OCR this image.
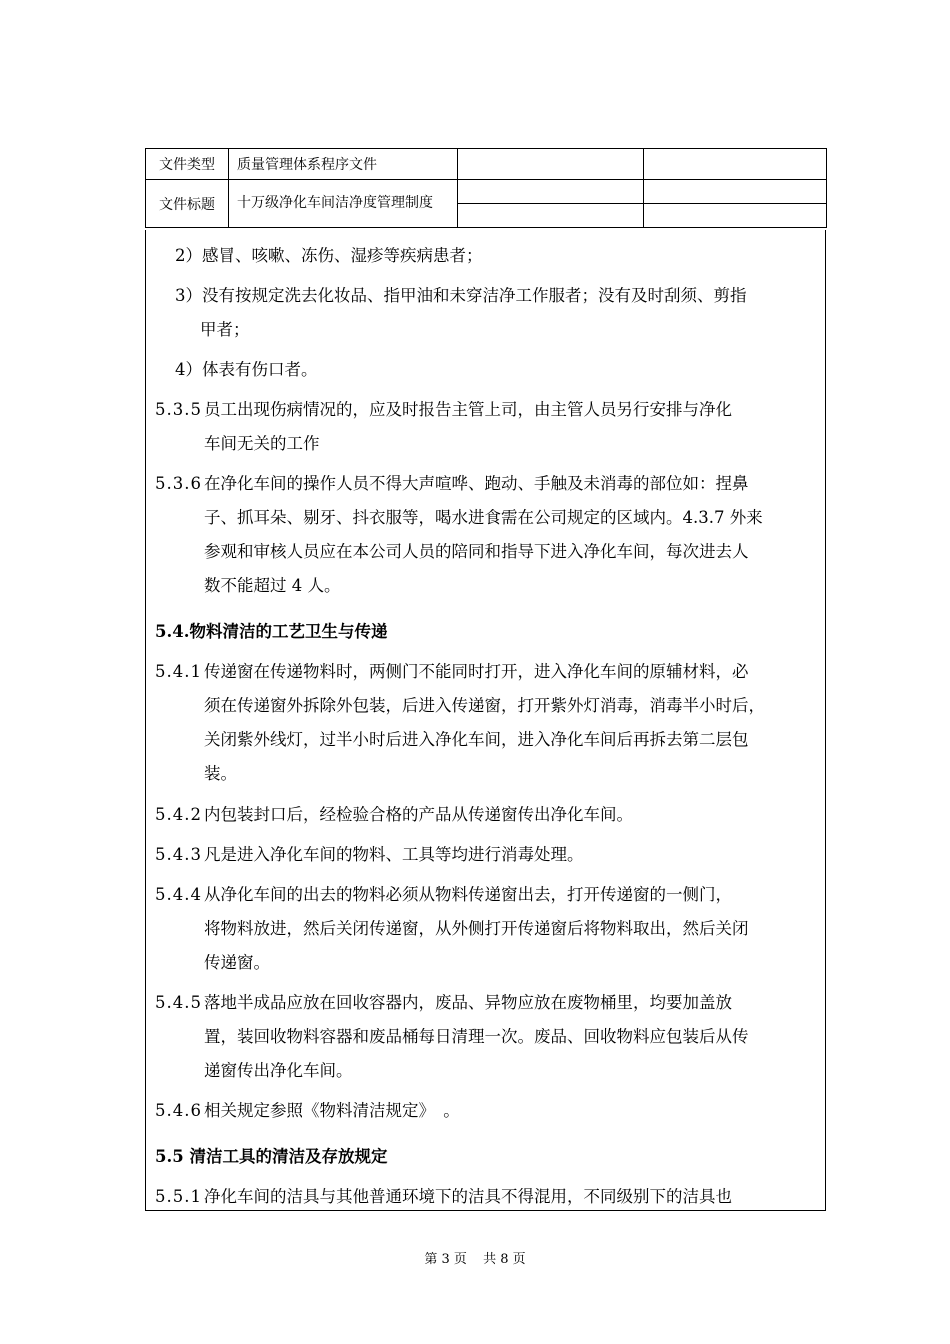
文件类型	质量管理体系程序文件		
文件标题	十万级净化车间洁净度管理制度		

2）感冒、咳嗽、冻伤、湿疹等疾病患者；

3）没有按规定洗去化妆品、指甲油和未穿洁净工作服者；没有及时刮须、剪指
甲者；

4）体表有伤口者。

5.3.5 员工出现伤病情况的，应及时报告主管上司，由主管人员另行安排与净化
车间无关的工作

5.3.6 在净化车间的操作人员不得大声喧哗、跑动、手触及未消毒的部位如：捏鼻
子、抓耳朵、剔牙、抖衣服等，喝水进食需在公司规定的区域内。4.3.7 外来
参观和审核人员应在本公司人员的陪同和指导下进入净化车间，每次进去人
数不能超过 4 人。

5.4.物料清洁的工艺卫生与传递

5.4.1 传递窗在传递物料时，两侧门不能同时打开，进入净化车间的原辅材料，必
须在传递窗外拆除外包装，后进入传递窗，打开紫外灯消毒，消毒半小时后，
关闭紫外线灯，过半小时后进入净化车间，进入净化车间后再拆去第二层包
装。

5.4.2 内包装封口后，经检验合格的产品从传递窗传出净化车间。

5.4.3 凡是进入净化车间的物料、工具等均进行消毒处理。

5.4.4 从净化车间的出去的物料必须从物料传递窗出去，打开传递窗的一侧门，
将物料放进，然后关闭传递窗，从外侧打开传递窗后将物料取出，然后关闭
传递窗。

5.4.5 落地半成品应放在回收容器内，废品、异物应放在废物桶里，均要加盖放
置，装回收物料容器和废品桶每日清理一次。废品、回收物料应包装后从传
递窗传出净化车间。

5.4.6 相关规定参照《物料清洁规定》　。

5.5 清洁工具的清洁及存放规定

5.5.1 净化车间的洁具与其他普通环境下的洁具不得混用，不同级别下的洁具也

第 3 页 共 8 页
